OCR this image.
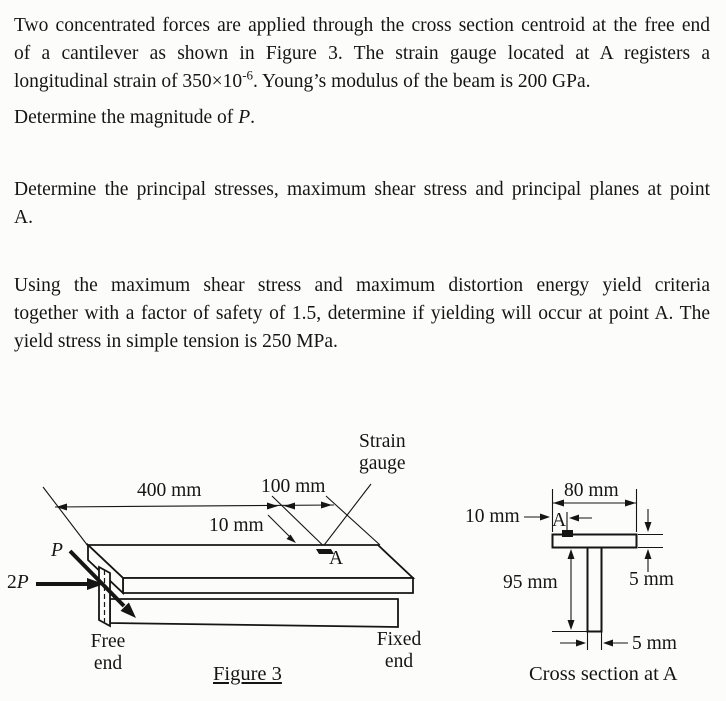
Two concentrated forces are applied through the cross section centroid at the free end
of a cantilever as shown in Figure 3. The strain gauge located at A registers a
longitudinal strain of $350\times 10^{-6}$. Young’s modulus of the beam is 200 GPa.
Determine the magnitude of P.
Determine the principal stresses, maximum shear stress and principal planes at point
A.
Using the maximum shear stress and maximum distortion energy yield criteria
together with a factor of safety of 1.5, determine if yielding will occur at point A. The
yield stress in simple tension is 250 MPa.
Strain
gauge
400 mm	100 mm
10 mm
P
2P
A
Free
end
Fixed
end
Figure 3
80 mm
10 mm A
5 mm
95 mm
5 mm
Cross section at A
